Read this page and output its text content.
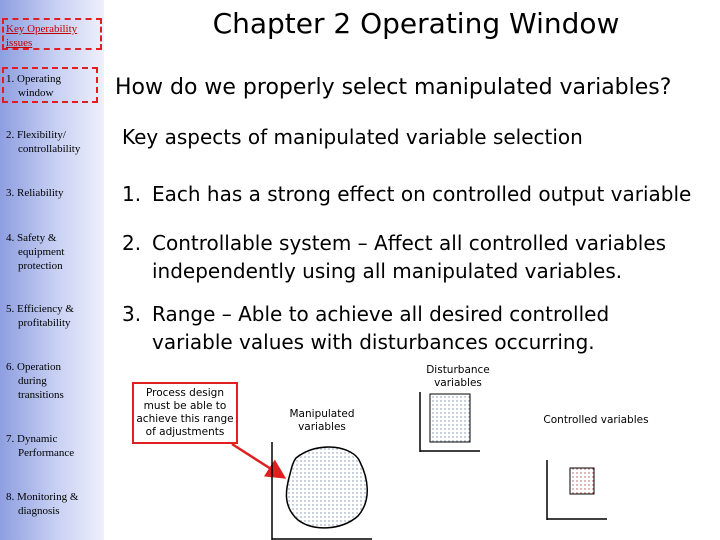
Key Operability issues
1. Operating
window
2. Flexibility/
controllability
3. Reliability
4. Safety &
equipment protection
5. Efficiency &
profitability
6. Operation
during transitions
7. Dynamic
Performance
8. Monitoring &
diagnosis
Chapter 2 Operating Window
How do we properly select manipulated variables?
Key aspects of manipulated variable selection
1. Each has a strong effect on controlled output variable
2. Controllable system – Affect all controlled variables
independently using all manipulated variables.
3. Range – Able to achieve all desired controlled
variable values with disturbances occurring.
Process design must be able to achieve this range of adjustments
Manipulated variables
Disturbance variables
Controlled variables
